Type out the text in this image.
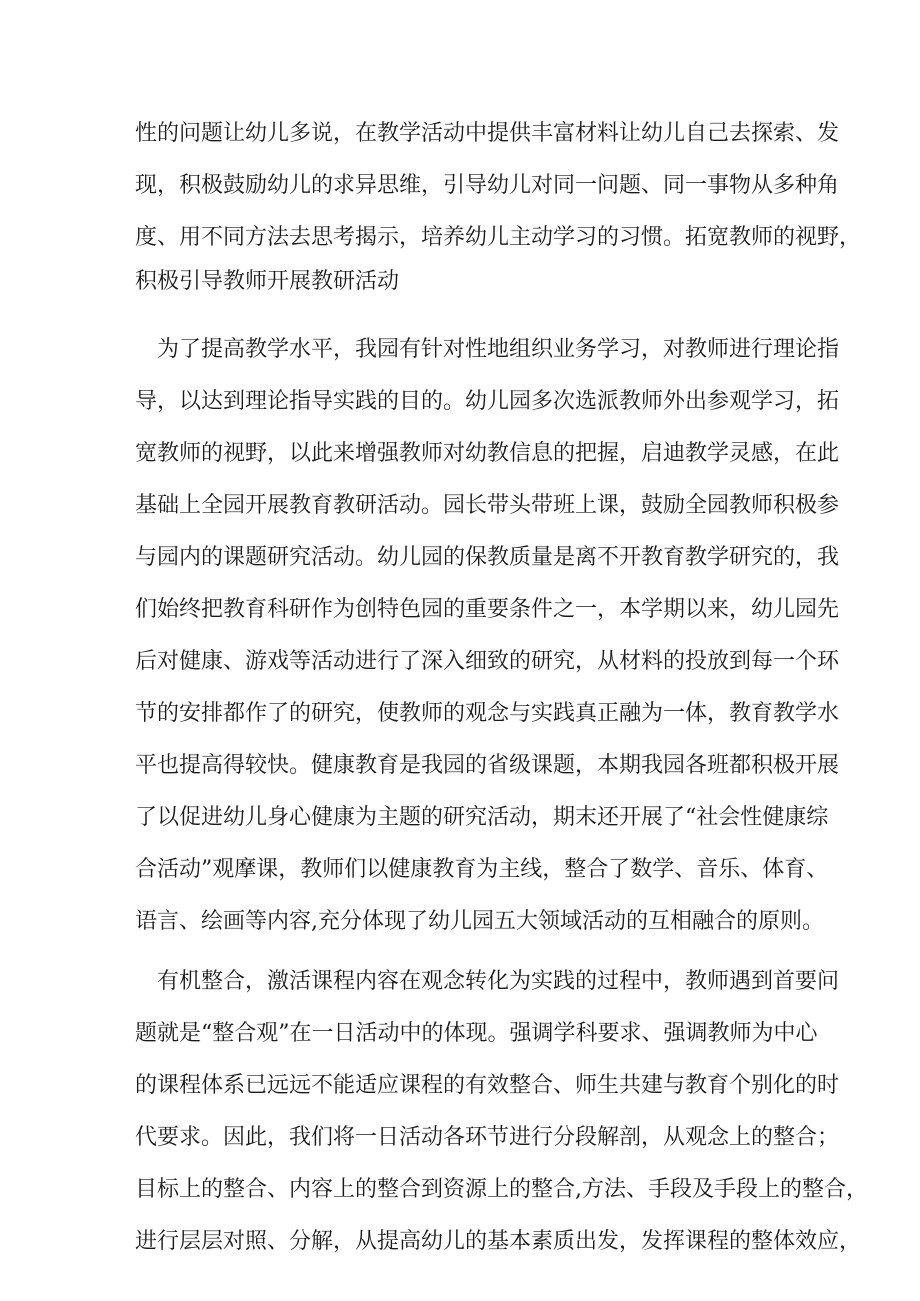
性的问题让幼儿多说，在教学活动中提供丰富材料让幼儿自己去探索、发
现，积极鼓励幼儿的求异思维，引导幼儿对同一问题、同一事物从多种角
度、用不同方法去思考揭示，培养幼儿主动学习的习惯。拓宽教师的视野，
积极引导教师开展教研活动
为了提高教学水平，我园有针对性地组织业务学习，对教师进行理论指
导，以达到理论指导实践的目的。幼儿园多次选派教师外出参观学习，拓
宽教师的视野，以此来增强教师对幼教信息的把握，启迪教学灵感，在此
基础上全园开展教育教研活动。园长带头带班上课，鼓励全园教师积极参
与园内的课题研究活动。幼儿园的保教质量是离不开教育教学研究的，我
们始终把教育科研作为创特色园的重要条件之一，本学期以来，幼儿园先
后对健康、游戏等活动进行了深入细致的研究，从材料的投放到每一个环
节的安排都作了的研究，使教师的观念与实践真正融为一体，教育教学水
平也提高得较快。健康教育是我园的省级课题，本期我园各班都积极开展
了以促进幼儿身心健康为主题的研究活动，期末还开展了“社会性健康综
合活动”观摩课，教师们以健康教育为主线，整合了数学、音乐、体育、
语言、绘画等内容,充分体现了幼儿园五大领域活动的互相融合的原则。
有机整合，激活课程内容在观念转化为实践的过程中，教师遇到首要问
题就是“整合观”在一日活动中的体现。强调学科要求、强调教师为中心
的课程体系已远远不能适应课程的有效整合、师生共建与教育个别化的时
代要求。因此，我们将一日活动各环节进行分段解剖，从观念上的整合；
目标上的整合、内容上的整合到资源上的整合,方法、手段及手段上的整合，
进行层层对照、分解，从提高幼儿的基本素质出发，发挥课程的整体效应，
